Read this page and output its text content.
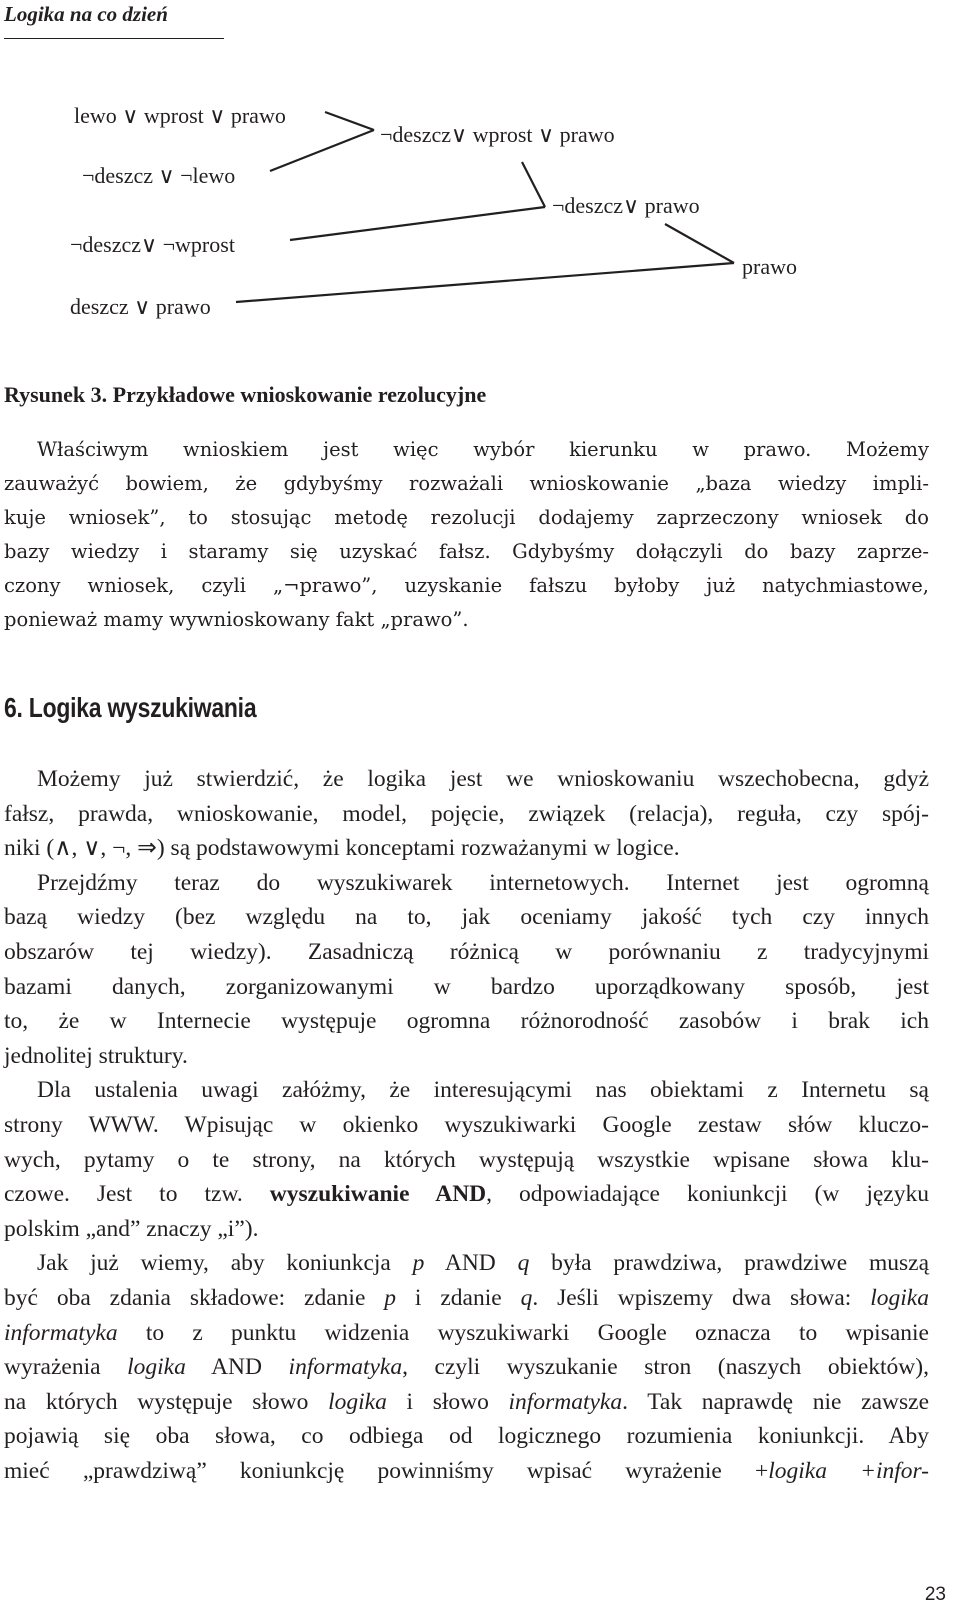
Logika na co dzień
lewo ∨ wprost ∨ prawo
¬deszcz ∨ ¬lewo
¬deszcz∨ ¬wprost
deszcz ∨ prawo
¬deszcz∨ wprost ∨ prawo
¬deszcz∨ prawo
prawo
Rysunek 3. Przykładowe wnioskowanie rezolucyjne
Właściwym wnioskiem jest więc wybór kierunku w prawo. Możemy
zauważyć bowiem, że gdybyśmy rozważali wnioskowanie „baza wiedzy impli-
kuje wniosek”, to stosując metodę rezolucji dodajemy zaprzeczony wniosek do
bazy wiedzy i staramy się uzyskać fałsz. Gdybyśmy dołączyli do bazy zaprze-
czony wniosek, czyli „¬prawo”, uzyskanie fałszu byłoby już natychmiastowe,
ponieważ mamy wywnioskowany fakt „prawo”.
6. Logika wyszukiwania
Możemy już stwierdzić, że logika jest we wnioskowaniu wszechobecna, gdyż
fałsz, prawda, wnioskowanie, model, pojęcie, związek (relacja), reguła, czy spój-
niki (∧, ∨, ¬, ⇒) są podstawowymi konceptami rozważanymi w logice.
Przejdźmy teraz do wyszukiwarek internetowych. Internet jest ogromną
bazą wiedzy (bez względu na to, jak oceniamy jakość tych czy innych
obszarów tej wiedzy). Zasadniczą różnicą w porównaniu z tradycyjnymi
bazami danych, zorganizowanymi w bardzo uporządkowany sposób, jest
to, że w Internecie występuje ogromna różnorodność zasobów i brak ich
jednolitej struktury.
Dla ustalenia uwagi załóżmy, że interesującymi nas obiektami z Internetu są
strony WWW. Wpisując w okienko wyszukiwarki Google zestaw słów kluczo-
wych, pytamy o te strony, na których występują wszystkie wpisane słowa klu-
czowe. Jest to tzw. wyszukiwanie AND, odpowiadające koniunkcji (w języku
polskim „and” znaczy „i”).
Jak już wiemy, aby koniunkcja p AND q była prawdziwa, prawdziwe muszą
być oba zdania składowe: zdanie p i zdanie q. Jeśli wpiszemy dwa słowa: logika
informatyka to z punktu widzenia wyszukiwarki Google oznacza to wpisanie
wyrażenia logika AND informatyka, czyli wyszukanie stron (naszych obiektów),
na których występuje słowo logika i słowo informatyka. Tak naprawdę nie zawsze
pojawią się oba słowa, co odbiega od logicznego rozumienia koniunkcji. Aby
mieć „prawdziwą” koniunkcję powinniśmy wpisać wyrażenie +logika +infor-
23
